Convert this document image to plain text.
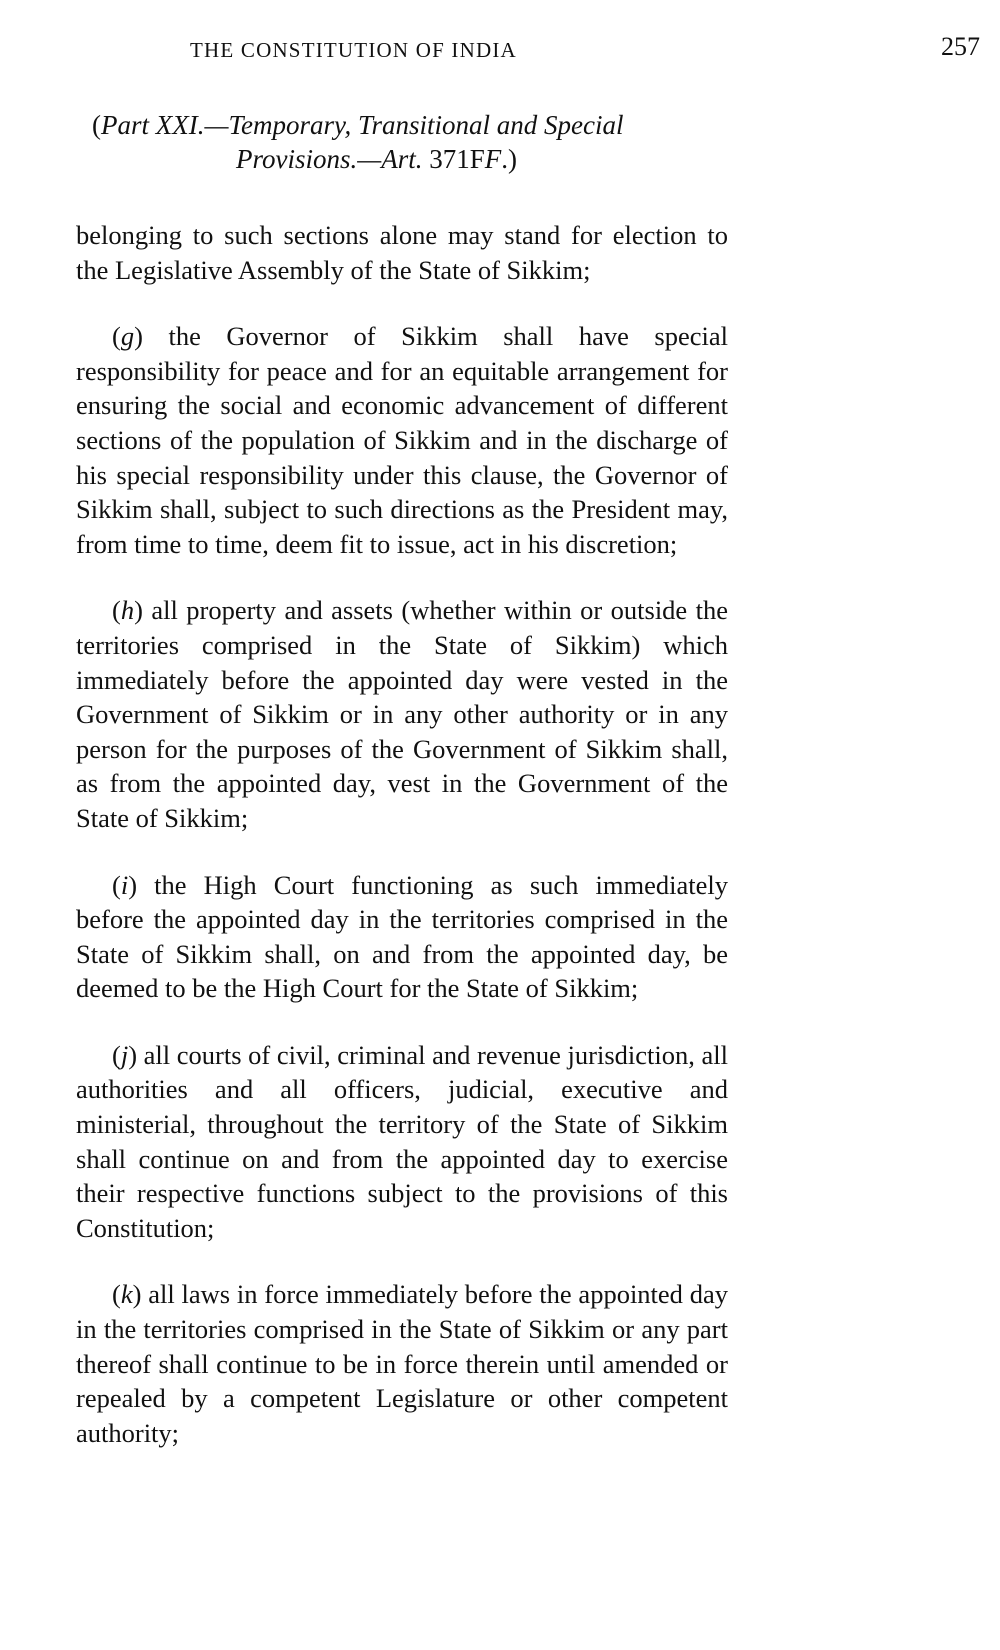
THE CONSTITUTION OF INDIA	257
(Part XXI.—Temporary, Transitional and Special
Provisions.—Art. 371FF.)

belonging to such sections alone may stand for election to the Legislative Assembly of the State of Sikkim;

(g) the Governor of Sikkim shall have special responsibility for peace and for an equitable arrangement for ensuring the social and economic advancement of different sections of the population of Sikkim and in the discharge of his special responsibility under this clause, the Governor of Sikkim shall, subject to such directions as the President may, from time to time, deem fit to issue, act in his discretion;

(h) all property and assets (whether within or outside the territories comprised in the State of Sikkim) which immediately before the appointed day were vested in the Government of Sikkim or in any other authority or in any person for the purposes of the Government of Sikkim shall, as from the appointed day, vest in the Government of the State of Sikkim;

(i) the High Court functioning as such immediately before the appointed day in the territories comprised in the State of Sikkim shall, on and from the appointed day, be deemed to be the High Court for the State of Sikkim;

(j) all courts of civil, criminal and revenue jurisdiction, all authorities and all officers, judicial, executive and ministerial, throughout the territory of the State of Sikkim shall continue on and from the appointed day to exercise their respective functions subject to the provisions of this Constitution;

(k) all laws in force immediately before the appointed day in the territories comprised in the State of Sikkim or any part thereof shall continue to be in force therein until amended or repealed by a competent Legislature or other competent authority;
